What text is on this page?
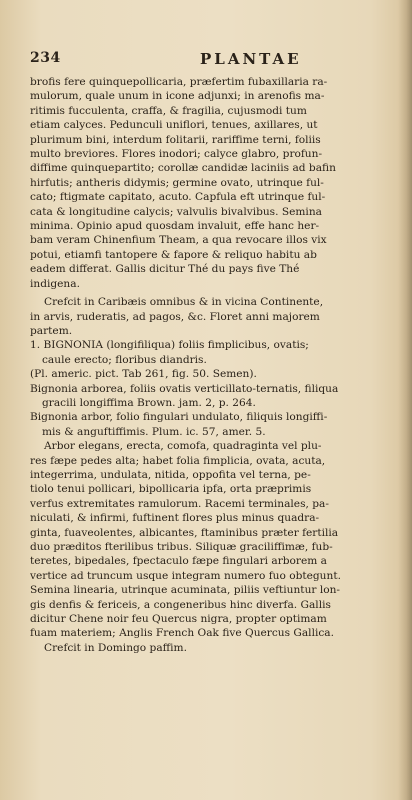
234	PLANTAE
brofis fere quinquepollicaria, præfertim fubaxillaria ra-
mulorum, quale unum in icone adjunxi; in arenofis ma-
ritimis fucculenta, craffa, & fragilia, cujusmodi tum
etiam calyces. Pedunculi uniflori, tenues, axillares, ut
plurimum bini, interdum folitarii, rariffime terni, foliis
multo breviores. Flores inodori; calyce glabro, profun-
diffime quinquepartito; corollæ candidæ laciniis ad bafin
hirfutis; antheris didymis; germine ovato, utrinque ful-
cato; ftigmate capitato, acuto. Capfula eft utrinque ful-
cata & longitudine calycis; valvulis bivalvibus. Semina
minima. Opinio apud quosdam invaluit, effe hanc her-
bam veram Chinenfium Theam, a qua revocare illos vix
potui, etiamfi tantopere & fapore & reliquo habitu ab
eadem differat. Gallis dicitur Thé du pays five Thé
indigena.
Crefcit in Caribæis omnibus & in vicina Continente,
in arvis, ruderatis, ad pagos, &c. Floret anni majorem
partem.
1. BIGNONIA (longifiliqua) foliis fimplicibus, ovatis;
caule erecto; floribus diandris.
(Pl. americ. pict. Tab 261, fig. 50. Semen).
Bignonia arborea, foliis ovatis verticillato-ternatis, filiqua
gracili longiffima Brown. jam. 2, p. 264.
Bignonia arbor, folio fingulari undulato, filiquis longiffi-
mis & anguftiffimis. Plum. ic. 57, amer. 5.
Arbor elegans, erecta, comofa, quadraginta vel plu-
res fæpe pedes alta; habet folia fimplicia, ovata, acuta,
integerrima, undulata, nitida, oppofita vel terna, pe-
tiolo tenui pollicari, bipollicaria ipfa, orta præprimis
verfus extremitates ramulorum. Racemi terminales, pa-
niculati, & infirmi, fuftinent flores plus minus quadra-
ginta, fuaveolentes, albicantes, ftaminibus præter fertilia
duo præditos fterilibus tribus. Siliquæ graciliffimæ, fub-
teretes, bipedales, fpectaculo fæpe fingulari arborem a
vertice ad truncum usque integram numero fuo obtegunt.
Semina linearia, utrinque acuminata, piliis veftiuntur lon-
gis denfis & fericeis, a congeneribus hinc diverfa. Gallis
dicitur Chene noir feu Quercus nigra, propter optimam
fuam materiem; Anglis French Oak five Quercus Gallica.
Crefcit in Domingo paffim.
